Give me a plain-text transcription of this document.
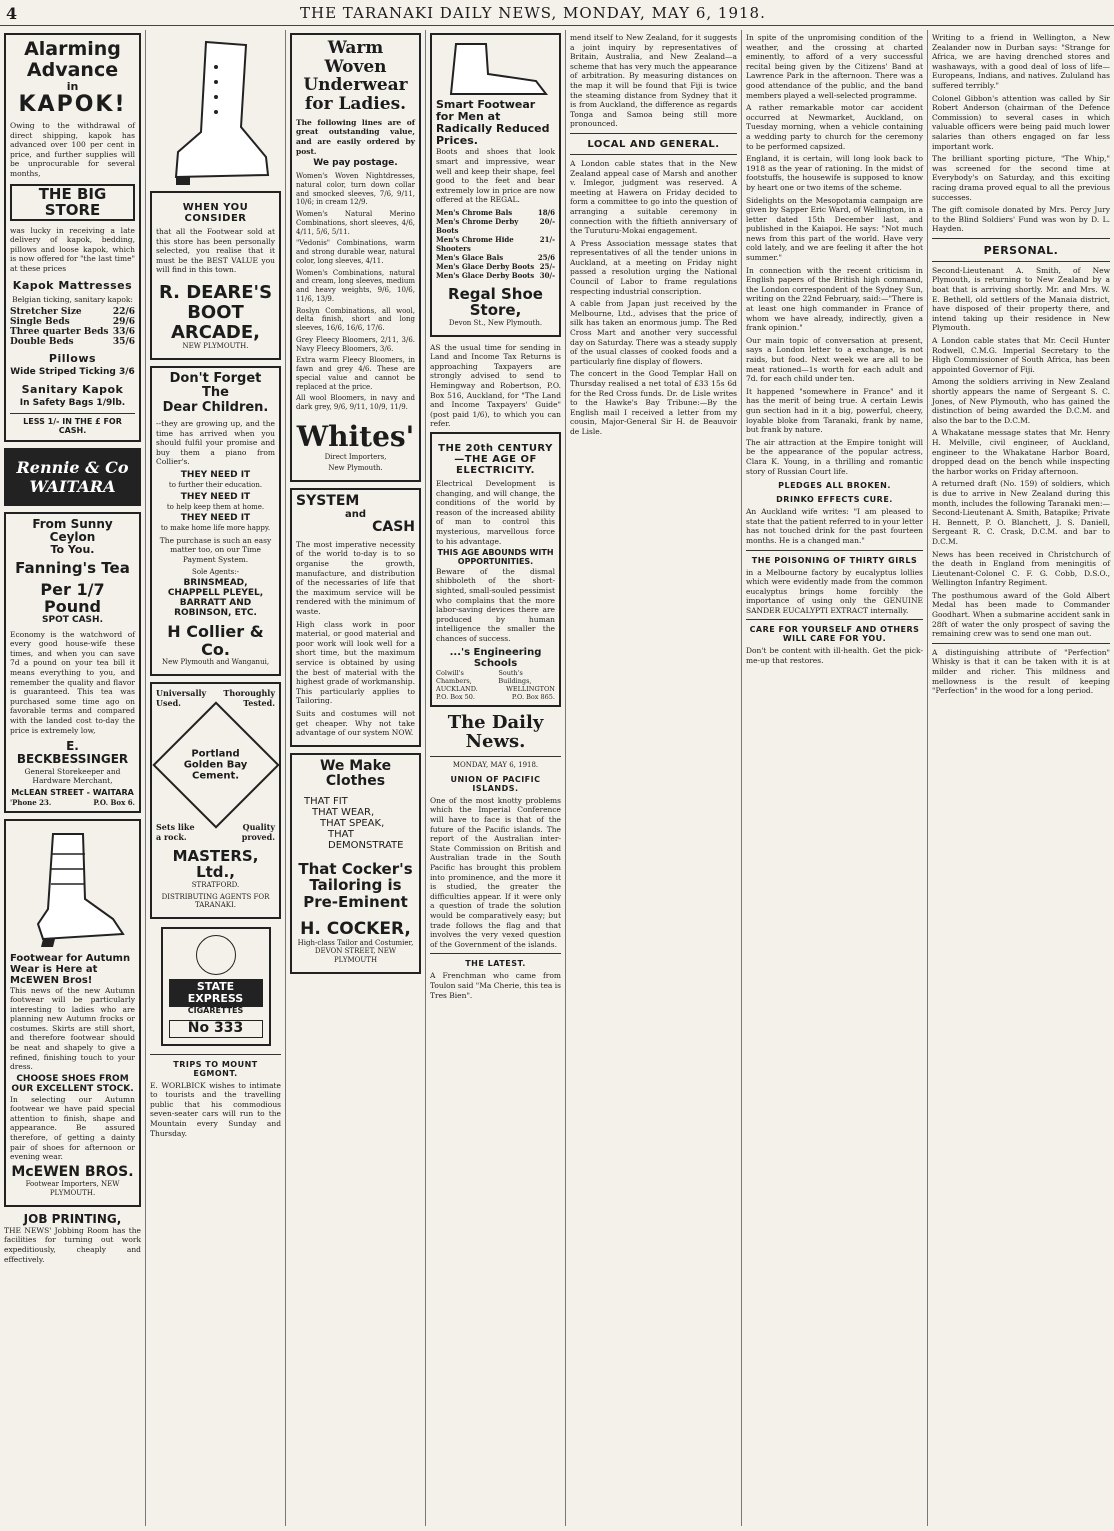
4	THE TARANAKI DAILY NEWS, MONDAY, MAY 6, 1918.
Alarming
Advance
in
KAPOK!

Owing to the withdrawal of direct shipping, kapok has advanced over 100 per cent in price, and further supplies will be unprocurable for several months,

THE BIG STORE

was lucky in receiving a late delivery of kapok, bedding, pillows and loose kapok, which is now offered for "the last time" at these prices

Kapok Mattresses

Belgian ticking, sanitary kapok:

Stretcher Size	22/6
Single Beds	29/6
Three quarter Beds 33/6
Double Beds	35/6
Pillows
Wide Striped Ticking 3/6
Sanitary Kapok
In Safety Bags 1/9lb.
LESS 1/- IN THE £ FOR CASH.
Rennie & Co WAITARA
From Sunny Ceylon
To You.
Fanning's Tea
Per 1/7 Pound
SPOT CASH.

Economy is the watchword of every good house-wife these times, and when you can save 7d a pound on your tea bill it means everything to you, and remember the quality and flavor is guaranteed. This tea was purchased some time ago on favorable terms and compared with the landed cost to-day the price is extremely low,

E. BECKBESSINGER

General Storekeeper and Hardware Merchant,

McLEAN STREET - WAITARA
'Phone 23.	P.O. Box 6.
Footwear for Autumn Wear is Here at McEWEN Bros!

This news of the new Autumn footwear will be particularly interesting to ladies who are planning new Autumn frocks or costumes. Skirts are still short, and therefore footwear should be neat and shapely to give a refined, finishing touch to your dress.

CHOOSE SHOES FROM OUR EXCELLENT STOCK.

In selecting our Autumn footwear we have paid special attention to finish, shape and appearance. Be assured therefore, of getting a dainty pair of shoes for afternoon or evening wear.

McEWEN BROS.

Footwear Importers, NEW PLYMOUTH.

JOB PRINTING,

THE NEWS' Jobbing Room has the facilities for turning out work expeditiously, cheaply and effectively.

WHEN YOU CONSIDER

that all the Footwear sold at this store has been personally selected, you realise that it must be the BEST VALUE you will find in this town.

R. DEARE'S
BOOT
ARCADE,

NEW PLYMOUTH.

Don't Forget The
Dear Children.

--they are growing up, and the time has arrived when you should fulfil your promise and buy them a piano from Collier's.

THEY NEED IT

to further their education.

THEY NEED IT

to help keep them at home.

THEY NEED IT

to make home life more happy.

The purchase is such an easy matter too, on our Time Payment System.

Sole Agents:-

BRINSMEAD, CHAPPELL PLEYEL, BARRATT AND ROBINSON, ETC.
H Collier & Co.

New Plymouth and Wanganui,

Universally Thoroughly
Used.	Tested.
Portland
Golden Bay
Cement.
Sets like	Quality
a rock.	proved.
MASTERS, Ltd.,

STRATFORD.

DISTRIBUTING AGENTS FOR TARANAKI.

STATE EXPRESS
CIGARETTES
No 333
TRIPS TO MOUNT EGMONT.

E. WORLBICK wishes to intimate to tourists and the travelling public that his commodious seven-seater cars will run to the Mountain every Sunday and Thursday.

Warm Woven
Underwear
for Ladies.

The following lines are of great outstanding value, and are easily ordered by post.

We pay postage.

Women's Woven Nightdresses, natural color, turn down collar and smocked sleeves, 7/6, 9/11, 10/6; in cream 12/9.

Women's Natural Merino Combinations, short sleeves, 4/6, 4/11, 5/6, 5/11.

"Vedonis" Combinations, warm and strong durable wear, natural color, long sleeves, 4/11.

Women's Combinations, natural and cream, long sleeves, medium and heavy weights, 9/6, 10/6, 11/6, 13/9.

Roslyn Combinations, all wool, delta finish, short and long sleeves, 16/6, 16/6, 17/6.

Grey Fleecy Bloomers, 2/11, 3/6. Navy Fleecy Bloomers, 3/6.

Extra warm Fleecy Bloomers, in fawn and grey 4/6. These are special value and cannot be replaced at the price.

All wool Bloomers, in navy and dark grey, 9/6, 9/11, 10/9, 11/9.

Whites'

Direct Importers,

New Plymouth.

SYSTEM
and
CASH

The most imperative necessity of the world to-day is to so organise the growth, manufacture, and distribution of the necessaries of life that the maximum service will be rendered with the minimum of waste.

High class work in poor material, or good material and poor work will look well for a short time, but the maximum service is obtained by using the best of material with the highest grade of workmanship. This particularly applies to Tailoring.

Suits and costumes will not get cheaper. Why not take advantage of our system NOW.

We Make Clothes
THAT FIT
THAT WEAR,
THAT SPEAK,
THAT DEMONSTRATE
That Cocker's Tailoring is Pre-Eminent
H. COCKER,

High-class Tailor and Costumier, DEVON STREET, NEW PLYMOUTH

Smart Footwear for Men at Radically Reduced Prices.

Boots and shoes that look smart and impressive, wear well and keep their shape, feel good to the feet and bear extremely low in price are now offered at the REGAL.

Men's Chrome Bals	18/6
Men's Chrome Derby Boots
20/-
Men's Chrome Hide Shooters
21/-
Men's Glace Bals	25/6
Men's Glace Derby Boots 25/-
Men's Glace Derby Boots 30/-
Regal Shoe Store,

Devon St., New Plymouth.

AS the usual time for sending in Land and Income Tax Returns is approaching Taxpayers are strongly advised to send to Hemingway and Robertson, P.O. Box 516, Auckland, for "The Land and Income Taxpayers' Guide" (post paid 1/6), to which you can refer.

THE 20th CENTURY—THE AGE OF ELECTRICITY.

Electrical Development is changing, and will change, the conditions of the world by reason of the increased ability of man to control this mysterious, marvellous force to his advantage.

THIS AGE ABOUNDS WITH OPPORTUNITIES.

Beware of the dismal shibboleth of the short-sighted, small-souled pessimist who complains that the more labor-saving devices there are produced by human intelligence the smaller the chances of success.

...'s Engineering Schools
Colwill's Chambers,
South's Buildings,
AUCKLAND.	WELLINGTON
P.O. Box 50.	P.O. Box 865.
The Daily News.

MONDAY, MAY 6, 1918.

UNION OF PACIFIC ISLANDS.

One of the most knotty problems which the Imperial Conference will have to face is that of the future of the Pacific islands. The report of the Australian inter-State Commission on British and Australian trade in the South Pacific has brought this problem into prominence, and the more it is studied, the greater the difficulties appear. If it were only a question of trade the solution would be comparatively easy; but trade follows the flag and that involves the very vexed question of the Government of the islands.

THE LATEST.

A Frenchman who came from Toulon said "Ma Cherie, this tea is Tres Bien".

mend itself to New Zealand, for it suggests a joint inquiry by representatives of Britain, Australia, and New Zealand—a scheme that has very much the appearance of arbitration. By measuring distances on the map it will be found that Fiji is twice the steaming distance from Sydney that it is from Auckland, the difference as regards Tonga and Samoa being still more pronounced.

LOCAL AND GENERAL.

A London cable states that in the New Zealand appeal case of Marsh and another v. Imlegor, judgment was reserved. A meeting at Hawera on Friday decided to form a committee to go into the question of arranging a suitable ceremony in connection with the fiftieth anniversary of the Turuturu-Mokai engagement.

A Press Association message states that representatives of all the tender unions in Auckland, at a meeting on Friday night passed a resolution urging the National Council of Labor to frame regulations respecting industrial conscription.

A cable from Japan just received by the Melbourne, Ltd., advises that the price of silk has taken an enormous jump. The Red Cross Mart and another very successful day on Saturday. There was a steady supply of the usual classes of cooked foods and a particularly fine display of flowers.

The concert in the Good Templar Hall on Thursday realised a net total of £33 15s 6d for the Red Cross funds. Dr. de Lisle writes to the Hawke's Bay Tribune:—By the English mail I received a letter from my cousin, Major-General Sir H. de Beauvoir de Lisle.

In spite of the unpromising condition of the weather, and the crossing at charted eminently, to afford of a very successful recital being given by the Citizens' Band at Lawrence Park in the afternoon. There was a good attendance of the public, and the band members played a well-selected programme.

A rather remarkable motor car accident occurred at Newmarket, Auckland, on Tuesday morning, when a vehicle containing a wedding party to church for the ceremony to be performed capsized.

England, it is certain, will long look back to 1918 as the year of rationing. In the midst of footstuffs, the housewife is supposed to know by heart one or two items of the scheme.

Sidelights on the Mesopotamia campaign are given by Sapper Eric Ward, of Wellington, in a letter dated 15th December last, and published in the Kaiapoi. He says: "Not much news from this part of the world. Have very cold lately, and we are feeling it after the hot summer."

In connection with the recent criticism in English papers of the British high command, the London correspondent of the Sydney Sun, writing on the 22nd February, said:—"There is at least one high commander in France of whom we have already, indirectly, given a frank opinion."

Our main topic of conversation at present, says a London letter to a exchange, is not raids, but food. Next week we are all to be meat rationed—1s worth for each adult and 7d. for each child under ten.

It happened "somewhere in France" and it has the merit of being true. A certain Lewis gun section had in it a big, powerful, cheery, loyable bloke from Taranaki, frank by name, but frank by nature.

The air attraction at the Empire tonight will be the appearance of the popular actress, Clara K. Young, in a thrilling and romantic story of Russian Court life.

PLEDGES ALL BROKEN.
DRINKO EFFECTS CURE.

An Auckland wife writes: "I am pleased to state that the patient referred to in your letter has not touched drink for the past fourteen months. He is a changed man."

THE POISONING OF THIRTY GIRLS

in a Melbourne factory by eucalyptus lollies which were evidently made from the common eucalyptus brings home forcibly the importance of using only the GENUINE SANDER EUCALYPTI EXTRACT internally.

CARE FOR YOURSELF AND OTHERS WILL CARE FOR YOU.

Don't be content with ill-health. Get the pick-me-up that restores.

Writing to a friend in Wellington, a New Zealander now in Durban says: "Strange for Africa, we are having drenched stores and washaways, with a good deal of loss of life—Europeans, Indians, and natives. Zululand has suffered terribly."

Colonel Gibbon's attention was called by Sir Robert Anderson (chairman of the Defence Commission) to several cases in which valuable officers were being paid much lower salaries than others engaged on far less important work.

The brilliant sporting picture, "The Whip," was screened for the second time at Everybody's on Saturday, and this exciting racing drama proved equal to all the previous successes.

The gift comisole donated by Mrs. Percy Jury to the Blind Soldiers' Fund was won by D. L. Hayden.

PERSONAL.

Second-Lieutenant A. Smith, of New Plymouth, is returning to New Zealand by a boat that is arriving shortly. Mr. and Mrs. W. E. Bethell, old settlers of the Manaia district, have disposed of their property there, and intend taking up their residence in New Plymouth.

A London cable states that Mr. Cecil Hunter Rodwell, C.M.G. Imperial Secretary to the High Commissioner of South Africa, has been appointed Governor of Fiji.

Among the soldiers arriving in New Zealand shortly appears the name of Sergeant S. C. Jones, of New Plymouth, who has gained the distinction of being awarded the D.C.M. and also the bar to the D.C.M.

A Whakatane message states that Mr. Henry H. Melville, civil engineer, of Auckland, engineer to the Whakatane Harbor Board, dropped dead on the bench while inspecting the harbor works on Friday afternoon.

A returned draft (No. 159) of soldiers, which is due to arrive in New Zealand during this month, includes the following Taranaki men:—Second-Lieutenant A. Smith, Batapike; Private H. Bennett, P. O. Blanchett, J. S. Daniell, Sergeant R. C. Crask, D.C.M. and bar to D.C.M.

News has been received in Christchurch of the death in England from meningitis of Lieutenant-Colonel C. F. G. Cobb, D.S.O., Wellington Infantry Regiment.

The posthumous award of the Gold Albert Medal has been made to Commander Goodhart. When a submarine accident sank in 28ft of water the only prospect of saving the remaining crew was to send one man out.

A distinguishing attribute of "Perfection" Whisky is that it can be taken with it is at milder and richer. This mildness and mellowness is the result of keeping "Perfection" in the wood for a long period.
